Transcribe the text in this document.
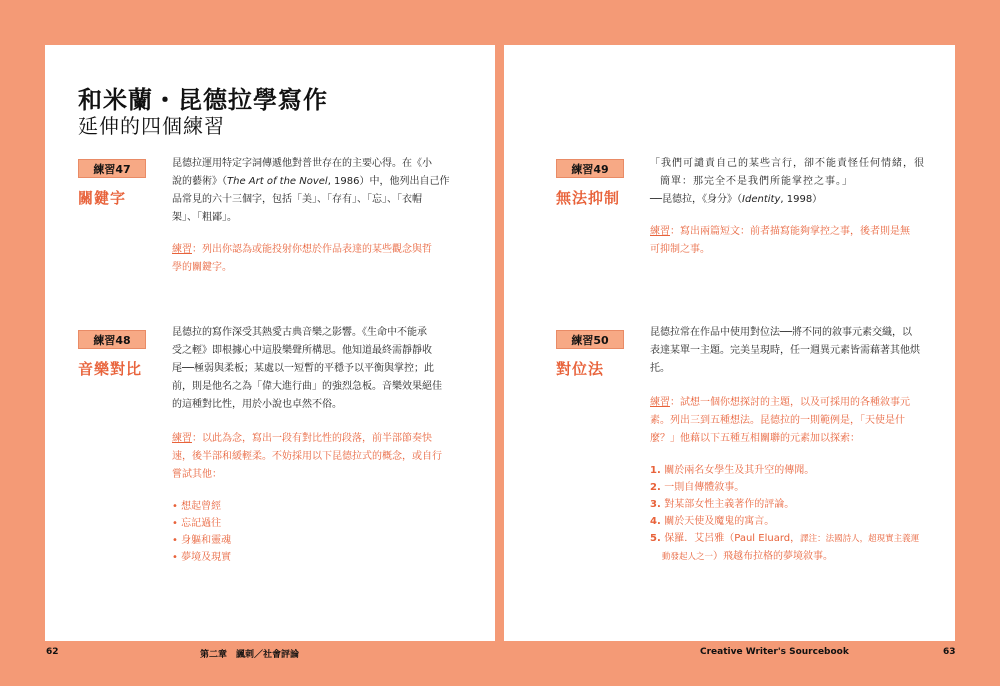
和米蘭・昆德拉學寫作
延伸的四個練習
練習47
關鍵字
昆德拉運用特定字詞傳遞他對普世存在的主要心得。在《小
說的藝術》（The Art of the Novel, 1986）中，他列出自己作
品常見的六十三個字，包括「美」、「存有」、「忘」、「衣帽
架」、「粗鄙」。
練習：列出你認為或能投射你想於作品表達的某些觀念與哲
學的關鍵字。
練習48
音樂對比
昆德拉的寫作深受其熱愛古典音樂之影響。《生命中不能承
受之輕》即根據心中這股樂聲所構思。他知道最終需靜靜收
尾──極弱與柔板；某處以一短暫的平穩予以平衡與掌控；此
前，則是他名之為「偉大進行曲」的強烈急板。音樂效果絕佳
的這種對比性，用於小說也卓然不俗。
練習：以此為念，寫出一段有對比性的段落，前半部節奏快
速，後半部和緩輕柔。不妨採用以下昆德拉式的概念，或自行
嘗試其他：
• 想起曾經
• 忘記過往
• 身軀和靈魂
• 夢境及現實
練習49
無法抑制
「我們可譴責自己的某些言行，卻不能責怪任何情緒，很
簡單：那完全不是我們所能掌控之事。」
──昆德拉，《身分》（Identity, 1998）
練習：寫出兩篇短文：前者描寫能夠掌控之事，後者則是無
可抑制之事。
練習50
對位法
昆德拉常在作品中使用對位法──將不同的敘事元素交織，以
表達某單一主題。完美呈現時，任一週異元素皆需藉著其他烘
托。
練習：試想一個你想探討的主題，以及可採用的各種敘事元
素。列出三到五種想法。昆德拉的一則範例是，「天使是什
麼？」他藉以下五種互相關聯的元素加以探索：
關於兩名女學生及其升空的傳聞。
一則自傳體敘事。
對某部女性主義著作的評論。
關於天使及魔鬼的寓言。
保羅．艾呂雅（Paul Eluard，譯注：法國詩人，超現實主義運
動發起人之一）飛越布拉格的夢境敘事。
62	第二章　諷刺／社會評論	Creative Writer's Sourcebook	63
